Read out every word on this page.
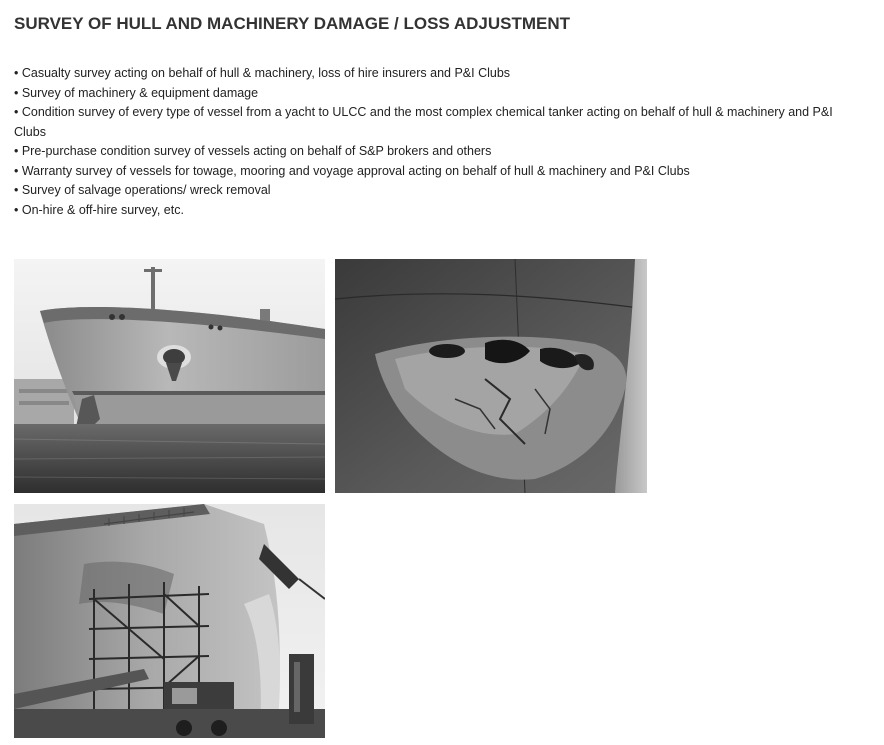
SURVEY OF HULL AND MACHINERY DAMAGE / LOSS ADJUSTMENT
• Casualty survey acting on behalf of hull & machinery, loss of hire insurers and P&I Clubs
• Survey of machinery & equipment damage
• Condition survey of every type of vessel from a yacht to ULCC and the most complex chemical tanker acting on behalf of hull & machinery and P&I Clubs
• Pre-purchase condition survey of vessels acting on behalf of S&P brokers and others
• Warranty survey of vessels for towage, mooring and voyage approval acting on behalf of hull & machinery and P&I Clubs
• Survey of salvage operations/ wreck removal
• On-hire & off-hire survey, etc.
